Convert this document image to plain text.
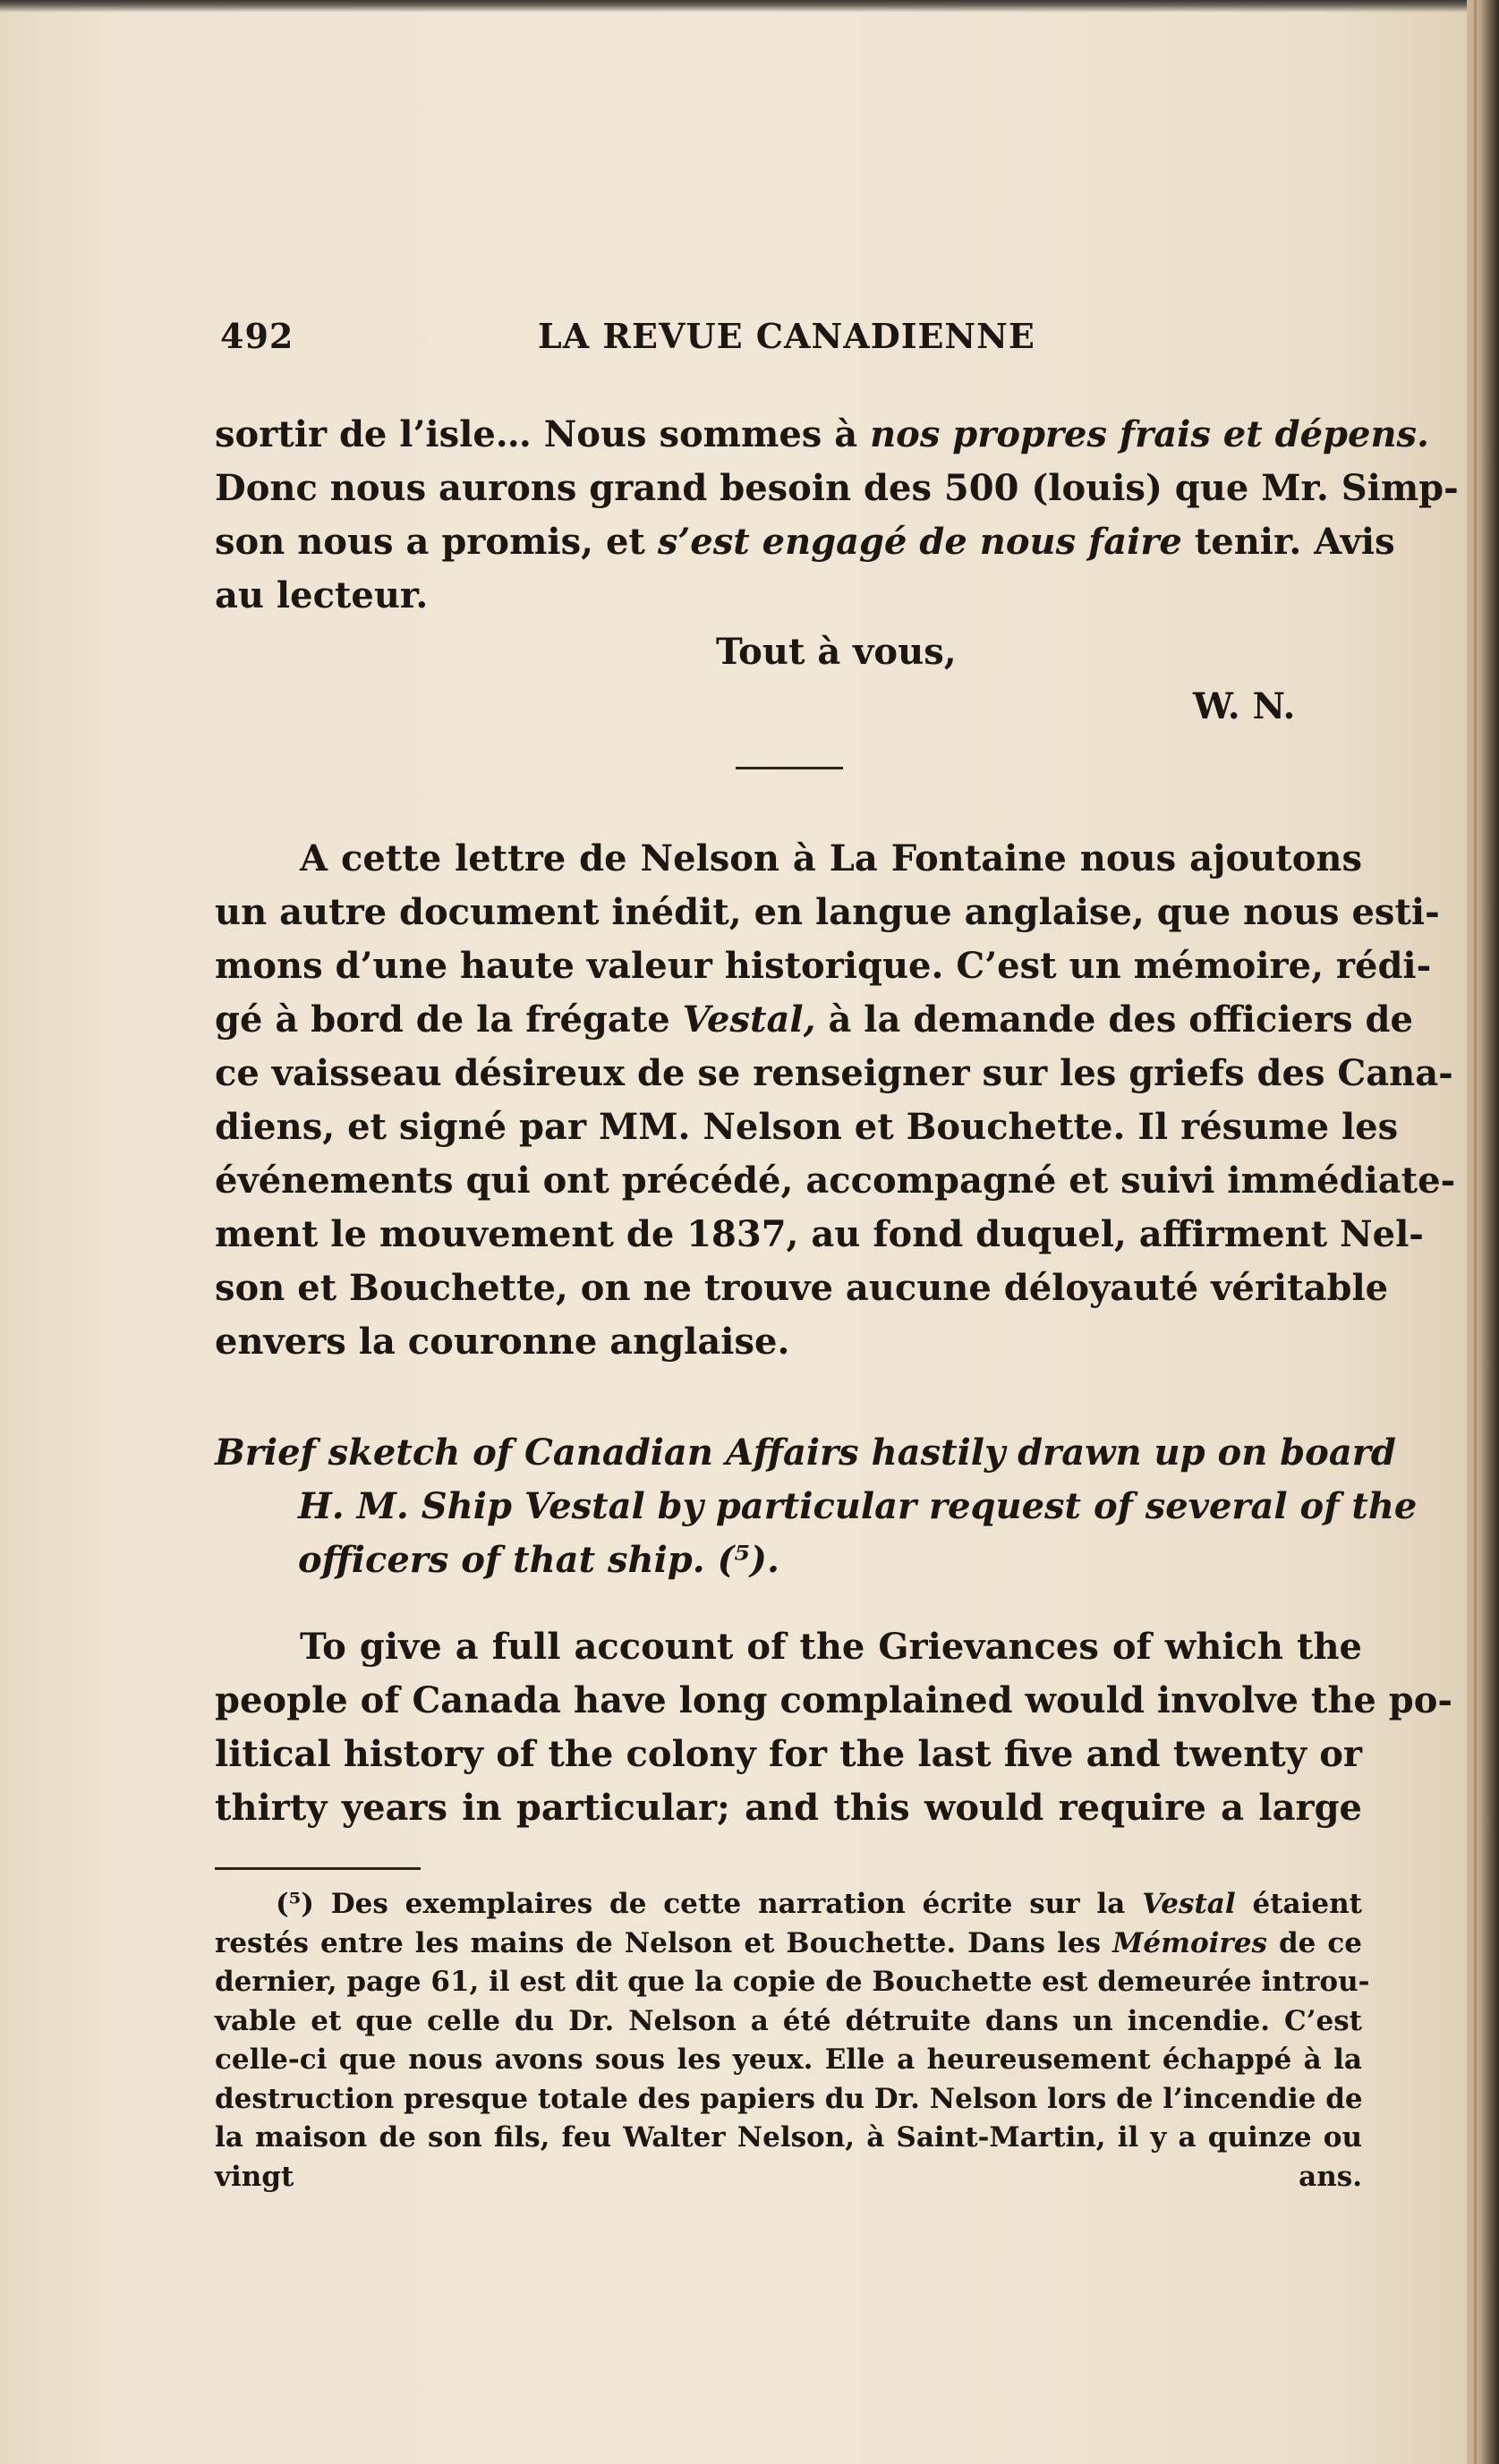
492	LA REVUE CANADIENNE
sortir de l’isle… Nous sommes à nos propres frais et dépens.
Donc nous aurons grand besoin des 500 (louis) que Mr. Simp-
son nous a promis, et s’est engagé de nous faire tenir. Avis
au lecteur.
Tout à vous,
W. N.
A cette lettre de Nelson à La Fontaine nous ajoutons
un autre document inédit, en langue anglaise, que nous esti-
mons d’une haute valeur historique. C’est un mémoire, rédi-
gé à bord de la frégate Vestal, à la demande des officiers de
ce vaisseau désireux de se renseigner sur les griefs des Cana-
diens, et signé par MM. Nelson et Bouchette. Il résume les
événements qui ont précédé, accompagné et suivi immédiate-
ment le mouvement de 1837, au fond duquel, affirment Nel-
son et Bouchette, on ne trouve aucune déloyauté véritable
envers la couronne anglaise.
Brief sketch of Canadian Affairs hastily drawn up on board
H. M. Ship Vestal by particular request of several of the
officers of that ship. (⁵).
To give a full account of the Grievances of which the
people of Canada have long complained would involve the po-
litical history of the colony for the last five and twenty or
thirty years in particular; and this would require a large
(⁵) Des exemplaires de cette narration écrite sur la Vestal étaient
restés entre les mains de Nelson et Bouchette. Dans les Mémoires de ce
dernier, page 61, il est dit que la copie de Bouchette est demeurée introu-
vable et que celle du Dr. Nelson a été détruite dans un incendie. C’est
celle-ci que nous avons sous les yeux. Elle a heureusement échappé à la
destruction presque totale des papiers du Dr. Nelson lors de l’incendie de
la maison de son fils, feu Walter Nelson, à Saint-Martin, il y a quinze ou
vingt ans.
